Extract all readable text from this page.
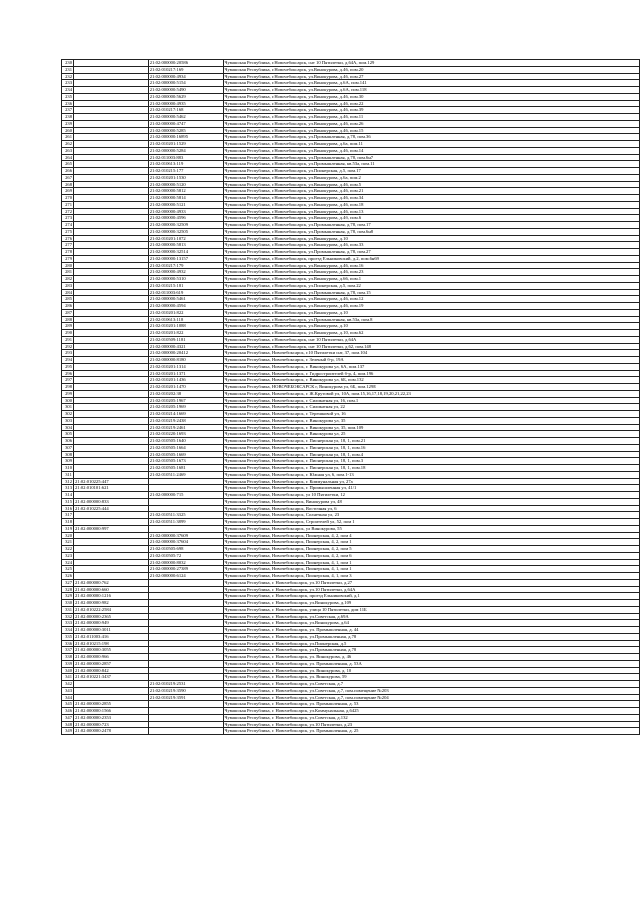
230		21:02:000000:20586	Чувашская Республика, г.Новочебоксарск, снт 10 Пятилетки, д.64А, пом.129
231		21:02:010217:169	Чувашская Республика, г.Новочебоксарск, ул.Винокурова, д.46, пом.20
232		21:02:000000:4934	Чувашская Республика, г.Новочебоксарск, ул.Винокурова, д.46, пом.27
233		21:02:000000:5154	Чувашская Республика, г.Новочебоксарск, ул.Винокурова, д.6А, пом.141
234		21:02:000000:5490	Чувашская Республика, г.Новочебоксарск, ул.Винокурова, д.6А, пом.118
235		21:02:000000:5629	Чувашская Республика, г.Новочебоксарск, ул.Винокурова, д.46, пом.30
236		21:02:000000:4935	Чувашская Республика, г.Новочебоксарск, ул.Винокурова, д.46, пом.22
237		21:02:010217:168	Чувашская Республика, г.Новочебоксарск, ул.Винокурова, д.46, пом.39
238		21:02:000000:5462	Чувашская Республика, г.Новочебоксарск, ул.Винокурова, д.46, пом.11
239		21:02:000000:4747	Чувашская Республика, г.Новочебоксарск, ул.Винокурова, д.46, пом.26
260		21:02:000000:5285	Чувашская Республика, г.Новочебоксарск, ул.Винокурова, д.46, пом.15
261		21:02:000000:16895	Чувашская Республика, г.Новочебоксарск, ул.Промышленная, д.78, пом.36
262		21:02:010201:1529	Чувашская Республика, г.Новочебоксарск, ул.Винокурова, д.6а, пом.11
263		21:02:000000:5284	Чувашская Республика, г.Новочебоксарск, ул.Винокурова, д.46, пом.14
264		21:02:011003:883	Чувашская Республика, г.Новочебоксарск, ул.Промышленная, д.78, пом.6н7
265		21:02:010613:119	Чувашская Республика, г.Новочебоксарск, ул.Промышленная, кв.53а, пом.11
266		21:02:010215:177	Чувашская Республика, г.Новочебоксарск, ул.Пионерская, д.5, пом.17
267		21:02:010201:1530	Чувашская Республика, г.Новочебоксарск, ул.Винокурова, д.6а, пом.2
268		21:02:000000:5120	Чувашская Республика, г.Новочебоксарск, ул.Винокурова, д.46, пом.5
269		21:02:000000:5812	Чувашская Республика, г.Новочебоксарск, ул.Винокурова, д.46, пом.21
270		21:02:000000:5814	Чувашская Республика, г.Новочебоксарск, ул.Винокурова, д.46, пом.34
271		21:02:000000:5121	Чувашская Республика, г.Новочебоксарск, ул.Винокурова, д.46, пом.18
272		21:02:000000:4933	Чувашская Республика, г.Новочебоксарск, ул.Винокурова, д.46, пом.13
273		21:02:000000:4596	Чувашская Республика, г.Новочебоксарск, ул.Винокурова, д.4б, пом.6
274		21:02:000000:32509	Чувашская Республика, г.Новочебоксарск, ул.Промышленная, д.78, пом.17
275		21:02:000000:32505	Чувашская Республика, г.Новочебоксарск, ул.Промышленная, д.78, пом.6н8
276		21:02:010201:1072	Чувашская Республика, г.Новочебоксарск, ул.Винокурова, д.10
277		21:02:000000:5813	Чувашская Республика, г.Новочебоксарск, ул.Винокурова, д.46, пом.33
278		21:02:000000:32514	Чувашская Республика, г.Новочебоксарск, ул.Промышленная, д.78, пом.27
279		21:02:000000:13157	Чувашская Республика, г.Новочебоксарск, проезд Ельниковский, д.2, пом.6н69
280		21:02:010217:179	Чувашская Республика, г.Новочебоксарск, ул.Винокурова, д.46, пом.16
281		21:02:000000:4932	Чувашская Республика, г.Новочебоксарск, ул.Винокурова, д.46, пом.23
282		21:02:000000:5310	Чувашская Республика, г.Новочебоксарск, ул.Винокурова, д.66, пом.1
283		21:02:010215:181	Чувашская Республика, г.Новочебоксарск, ул.Пионерская, д.5, пом.22
284		21:02:011003:619	Чувашская Республика, г.Новочебоксарск, ул.Промышленная, д.78, пом.15
285		21:02:000000:5461	Чувашская Республика, г.Новочебоксарск, ул.Винокурова, д.46, пом.12
286		21:02:000000:4594	Чувашская Республика, г.Новочебоксарск, ул.Винокурова, д.46, пом.19
287		21:02:010201:822	Чувашская Республика, г.Новочебоксарск, ул.Винокурова, д.10
288		21:02:010613:118	Чувашская Республика, г.Новочебоксарск, ул.Промышленная, кв.53а, пом.8
289		21:02:010201:1088	Чувашская Республика, г.Новочебоксарск, ул.Винокурова, д.10
290		21:02:010201:822	Чувашская Республика, г.Новочебоксарск, ул.Винокурова, д.10, пом.62
291		21:02:010509:1181	Чувашская Республика, г.Новочебоксарск, снт 10 Пятилетки, д.64А
292		21:02:000000:4321	Чувашская Республика, г.Новочебоксарск, снт 10 Пятилетки, д.62, пом.148
293		21:02:000000:20412	Чувашская Республика, Новочебоксарск, г.10 Пятилетки снт, 37, пом.104
294		21:02:000000:8180	Чувашская Республика, Новочебоксарск, г. Зеленый б-р, 19А
295		21:02:010201:1314	Чувашская Республика, Новочебоксарск, г. Винокурова ул, 6А, пом.137
296		21:02:010201:1371	Чувашская Республика, Новочебоксарск, г. Гидростроителей б-р, 4, пом.196
297		21:02:010201:1436	Чувашская Республика, Новочебоксарск, г. Винокурова ул, 6Б, пом.132
298		21:02:010201:1470	Чувашская Республика, НОВОЧЕБОКСАРСК г, Винокурова ул, 6Б, пом.129Е
299		21:02:010202:38	Чувашская Республика, Новочебоксарск, г. Ж.Крутовой ул, 10А, пом.15,16,17,18,19,20,21,22,23
300		21:02:010205:1967	Чувашская Республика, Новочебоксарск, г. Силикатная ул, 16, пом.1
301		21:02:010205:1969	Чувашская Республика, Новочебоксарск, г. Силикатная ул, 22
302		21:02:010214:1669	Чувашская Республика, Новочебоксарск, г. Терешковой ул, 16
303		21:02:010219:2438	Чувашская Республика, Новочебоксарск, г. Винокурова ул, 35
304		21:02:010219:2461	Чувашская Республика, Новочебоксарск, г. Винокурова ул, 35, пом.109
305		21:02:010220:1693	Чувашская Республика, Новочебоксарск, г. Винокурова ул, 25
306		21:02:010505:1640	Чувашская Республика, Новочебоксарск, г. Пионерская ул, 18, 1, пом.21
307		21:02:010505:1664	Чувашская Республика, Новочебоксарск, г. Пионерская ул, 18, 1, пом.16
308		21:02:010505:1669	Чувашская Республика, Новочебоксарск, г. Пионерская ул, 18, 1, пом.4
309		21:02:010505:1673	Чувашская Республика, Новочебоксарск, г. Пионерская ул, 18, 1, пом.3
310		21:02:010505:1681	Чувашская Республика, Новочебоксарск, г. Пионерская ул, 18, 1, пом.18
311		21:02:010511:2469	Чувашская Республика, Новочебоксарск, г. Южная ул, 6, пом.1-13
312	21:02:010225:447		Чувашская Республика, Новочебоксарск, г. Коммунальная ул, 27а
313	21:02:010101:621		Чувашская Республика, Новочебоксарск, г. Промышленная ул, 41/1
314		21:02:000000:715	Чувашская Республика, Новочебоксарск, ул 10 Пятилетки, 12
315	21:02:000000:833		Чувашская Республика, Новочебоксарск, Винокурова ул, 48
316	21:02:010225:444		Чувашская Республика, Новочебоксарск, Восточная ул, 6
317		21:02:010511:3325	Чувашская Республика, Новочебоксарск, Солнечная ул, 23
318		21:02:010511:3899	Чувашская Республика, Новочебоксарск, Строителей ул, 52, пом 1
319	21:02:000000:997		Чувашская Республика, Новочебоксарск, ул Винокурова, 55
320		21:02:000000:37609	Чувашская Республика, Новочебоксарск, Пионерская, 4, 2, пом 4
321		21:02:000000:37604	Чувашская Республика, Новочебоксарск, Пионерская, 4, 2, пом 1
322		21:02:010505:698	Чувашская Республика, Новочебоксарск, Пионерская, 4, 2, пом 5
323		21:02:010505:72	Чувашская Республика, Новочебоксарск, Пионерская, 4, 2, пом 6
324		21:02:000000:8032	Чувашская Республика, Новочебоксарск, Пионерская, 4, 1, пом 1
325		21:02:000000:27389	Чувашская Республика, Новочебоксарск, Пионерская, 4, 1, пом 1
326		21:02:000000:6124	Чувашская Республика, Новочебоксарск, Пионерская, 4, 1, пом 3
327	21:02:000000:762		Чувашская Республика, г. Новочебоксарск, ул.10 Пятилетки, д.27
328	21:02:000000:660		Чувашская Республика, г. Новочебоксарск, ул.10 Пятилетки, д.64А
329	21:02:000000:1216		Чувашская Республика, г. Новочебоксарск, проезд Ельниковский, д.1
330	21:02:000000:982		Чувашская Республика, г. Новочебоксарск, ул.Винокурова, д.109
331	21:02:010222:2584		Чувашская Республика, г. Новочебоксарск, улица 10 Пятилетки, дом 11Б
332	21:02:000000:2365		Чувашская Республика, г. Новочебоксарск, ул.Советская, д.69А
333	21:02:000000:949		Чувашская Республика, г. Новочебоксарск, ул.Винокурова, д.64
334	21:02:000000:3011		Чувашская Республика, г. Новочебоксарск, ул. Промышленная, д. 44
335	21:02:011003:416		Чувашская Республика, г. Новочебоксарск, ул.Промышленная, д.78
336	21:02:010215:198		Чувашская Республика, г. Новочебоксарск, ул.Пионерская, д.5
337	21:02:000000:3055		Чувашская Республика, г. Новочебоксарск, ул.Промышленная, д.78
338	21:02:000000:966		Чувашская Республика, г. Новочебоксарск, ул. Винокурова, д. 46
339	21:02:000000:2857		Чувашская Республика, г. Новочебоксарск, ул. Промышленная, д. 53А
340	21:02:000000:842		Чувашская Республика, г. Новочебоксарск, ул. Винокурова, д. 10
341	21:02:010221:3437		Чувашская Республика, г. Новочебоксарск, ул. Винокурова, 59
342		21:02:010219:2531	Чувашская Республика, г. Новочебоксарск, ул.Советская, д.7
343		21:02:010219:3590	Чувашская Республика, г. Новочебоксарск, ул.Советская, д.7, пом.помещение №203
344		21:02:010219:3591	Чувашская Республика, г. Новочебоксарск, ул.Советская, д.7, пом.помещение №204
345	21:02:000000:2855		Чувашская Республика, г. Новочебоксарск, ул. Промышленная, д. 53
346	21:02:000000:1566		Чувашская Республика, г. Новочебоксарск, ул.Коммунальная, д.6425
347	21:02:000000:2353		Чувашская Республика, г. Новочебоксарск, ул.Советская, д.132
348	21:02:000000:723		Чувашская Республика, г. Новочебоксарск, ул.10 Пятилетки, д.23
349	21:02:000000:2478		Чувашская Республика, г. Новочебоксарск, ул. Промышленная, д. 25
